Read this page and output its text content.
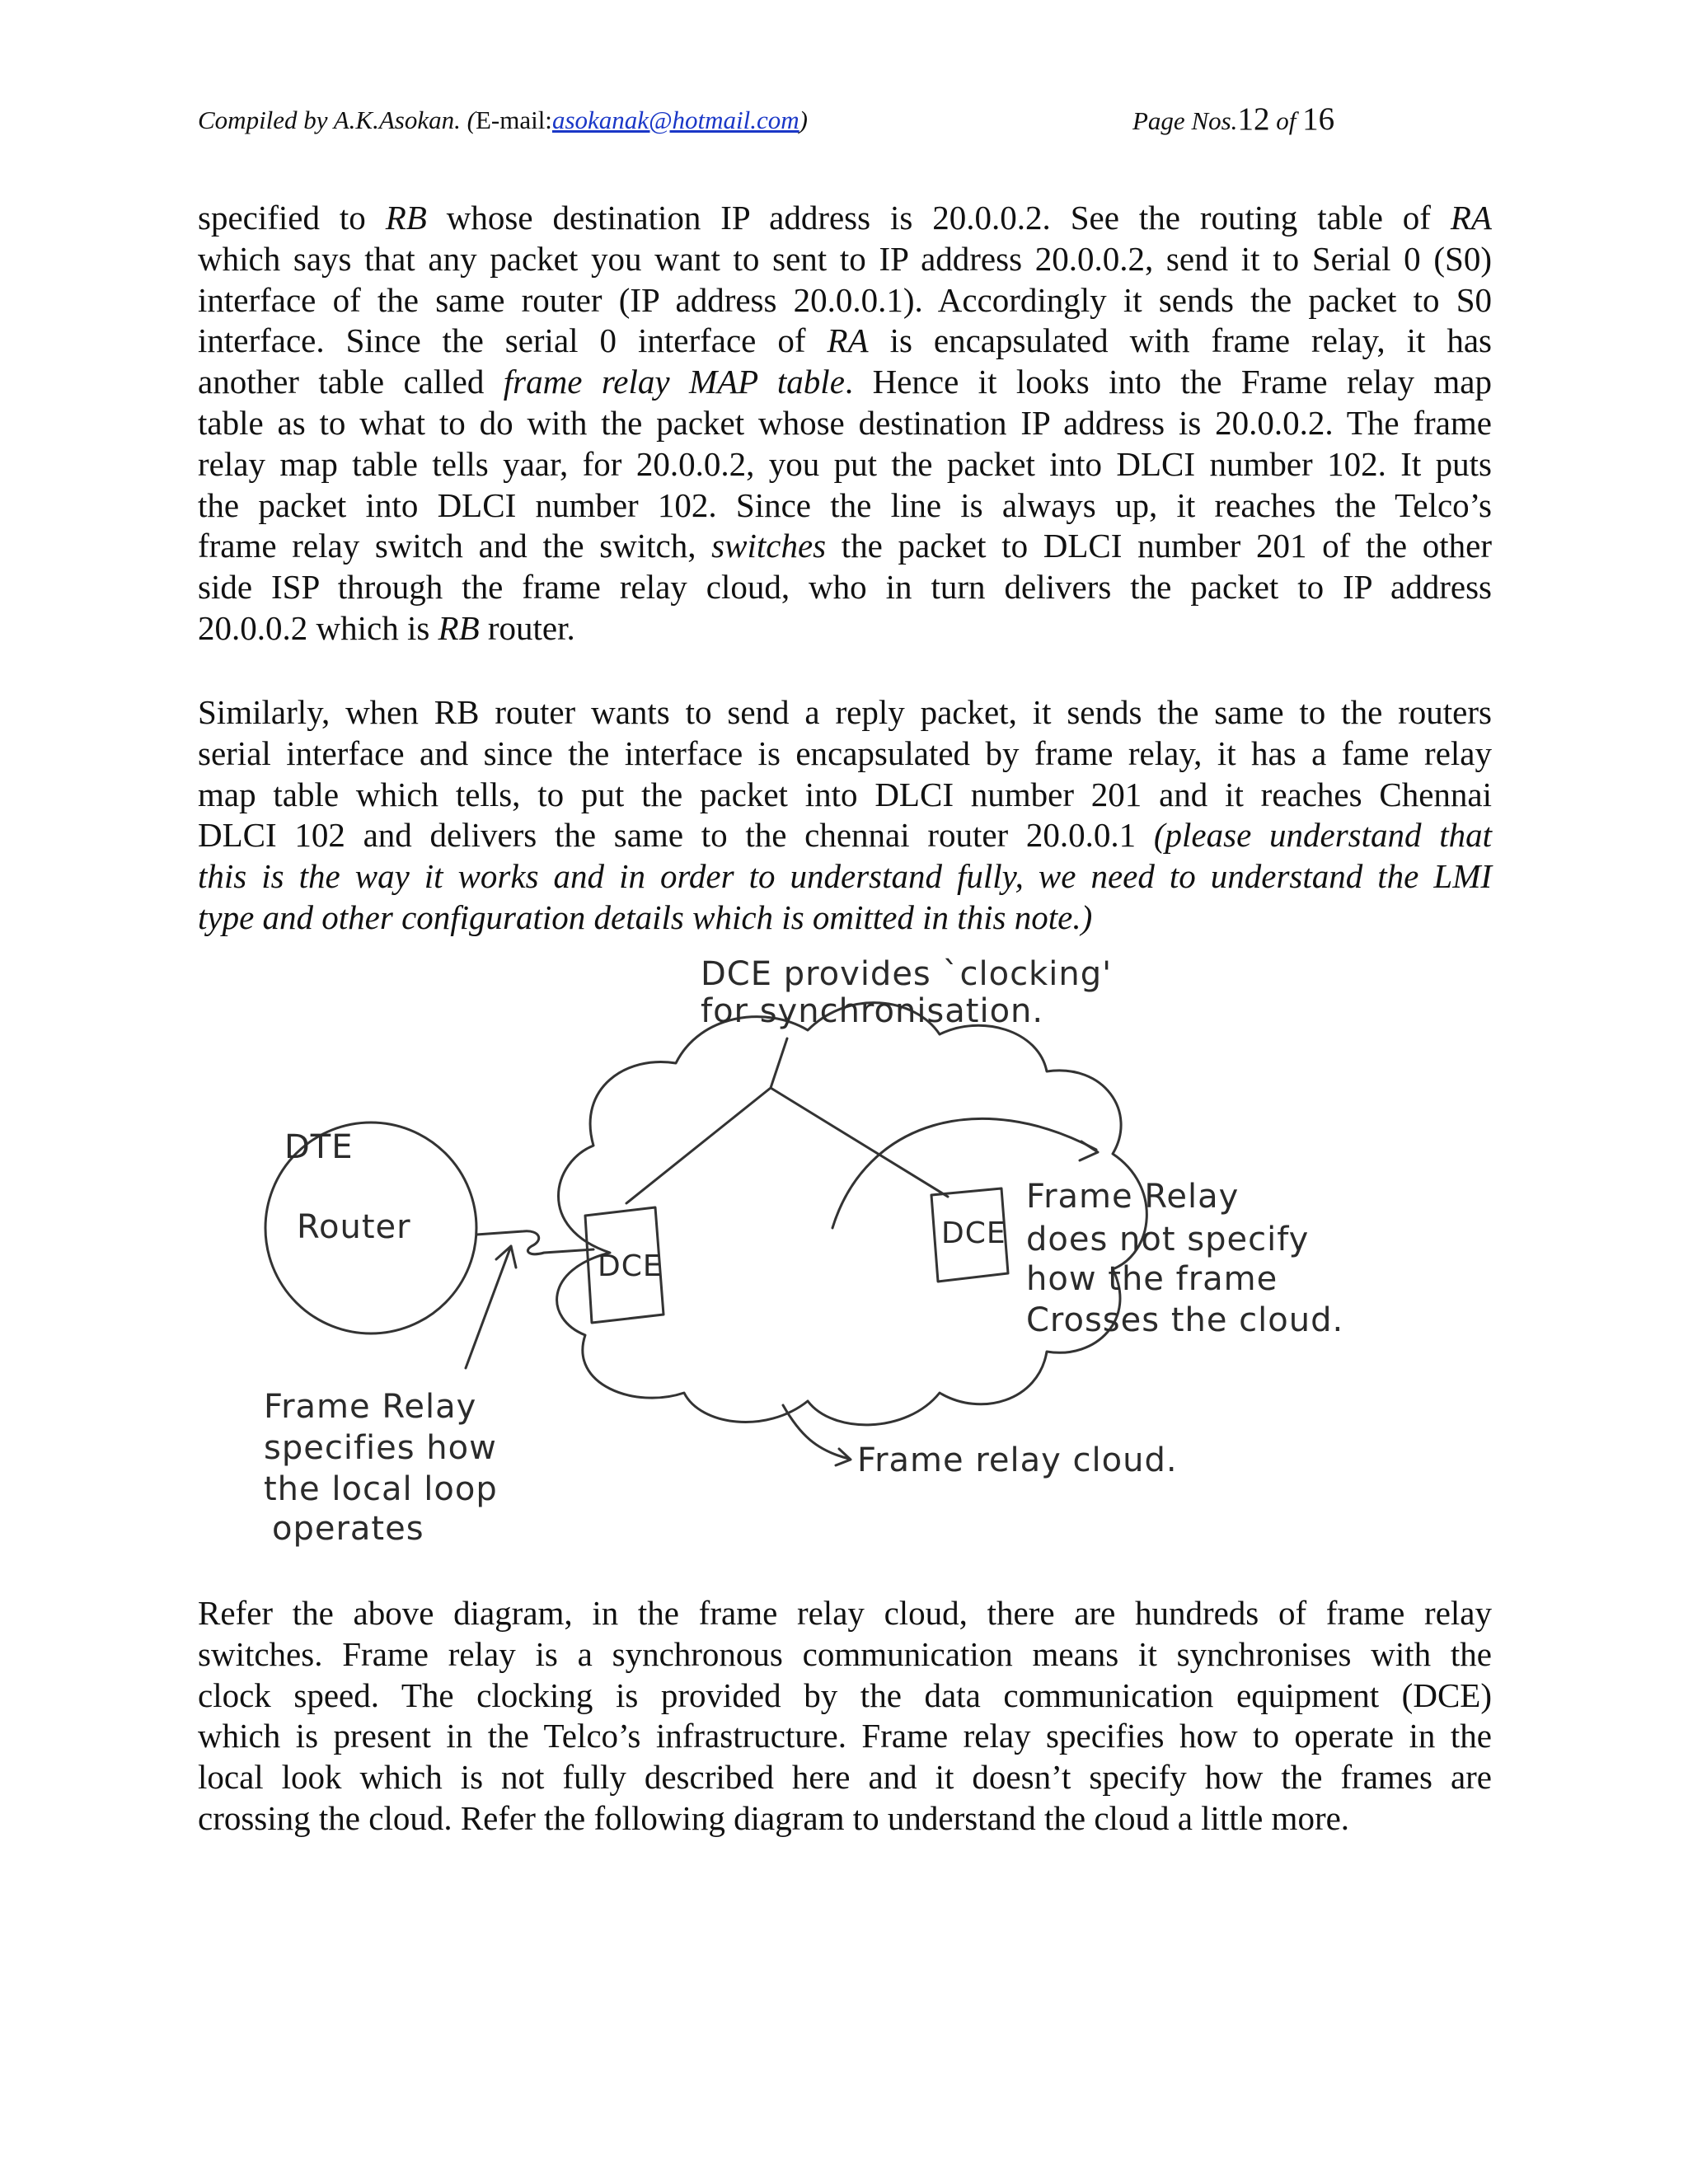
Compiled by A.K.Asokan. (E-mail:asokanak@hotmail.com)	Page Nos.12 of 16
specified to RB whose destination IP address is 20.0.0.2. See the routing table of RA
which says that any packet you want to sent to IP address 20.0.0.2, send it to Serial 0 (S0)
interface of the same router (IP address 20.0.0.1). Accordingly it sends the packet to S0
interface. Since the serial 0 interface of RA is encapsulated with frame relay, it has
another table called frame relay MAP table. Hence it looks into the Frame relay map
table as to what to do with the packet whose destination IP address is 20.0.0.2. The frame
relay map table tells yaar, for 20.0.0.2, you put the packet into DLCI number 102. It puts
the packet into DLCI number 102. Since the line is always up, it reaches the Telco’s
frame relay switch and the switch, switches the packet to DLCI number 201 of the other
side ISP through the frame relay cloud, who in turn delivers the packet to IP address
20.0.0.2 which is RB router.
Similarly, when RB router wants to send a reply packet, it sends the same to the routers
serial interface and since the interface is encapsulated by frame relay, it has a fame relay
map table which tells, to put the packet into DLCI number 201 and it reaches Chennai
DLCI 102 and delivers the same to the chennai router 20.0.0.1 (please understand that
this is the way it works and in order to understand fully, we need to understand the LMI
type and other configuration details which is omitted in this note.)
DCE provides `clocking'
for synchronisation.
DTE
Router
DCE
DCE
Frame Relay
does not specify
how the frame
Crosses the cloud.
Frame Relay
specifies how
the local loop
operates
Frame relay cloud.
Refer the above diagram, in the frame relay cloud, there are hundreds of frame relay
switches. Frame relay is a synchronous communication means it synchronises with the
clock speed. The clocking is provided by the data communication equipment (DCE)
which is present in the Telco’s infrastructure. Frame relay specifies how to operate in the
local look which is not fully described here and it doesn’t specify how the frames are
crossing the cloud. Refer the following diagram to understand the cloud a little more.
